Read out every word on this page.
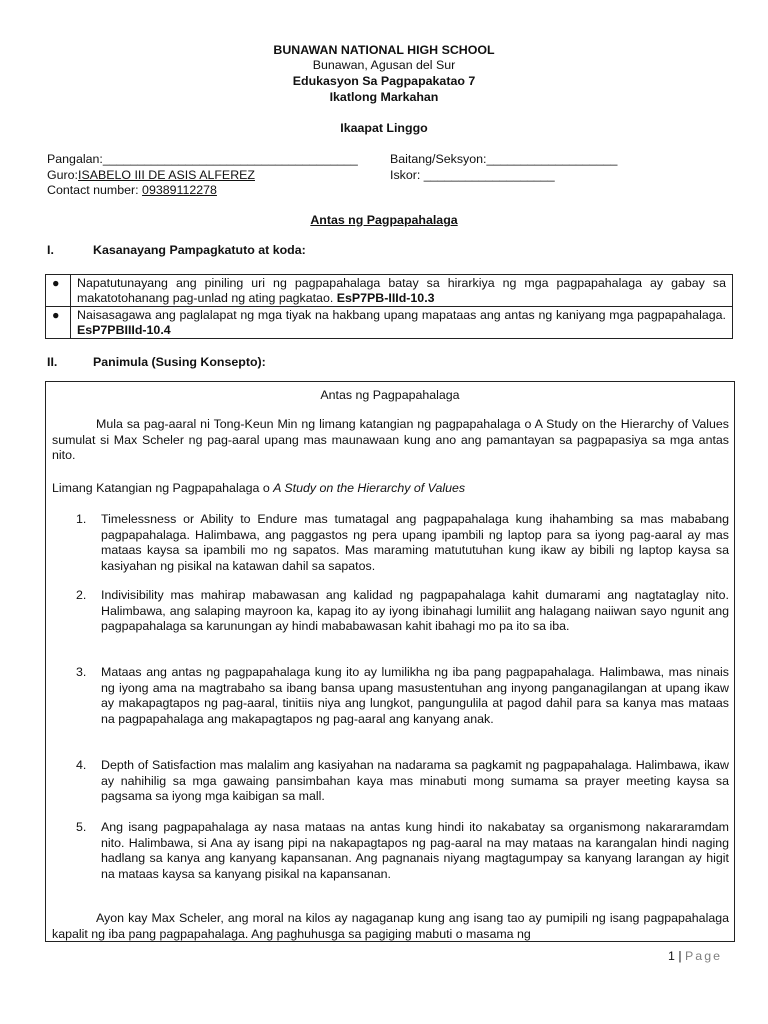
BUNAWAN NATIONAL HIGH SCHOOL
Bunawan, Agusan del Sur
Edukasyon Sa Pagpapakatao 7
Ikatlong Markahan
Ikaapat Linggo
Pangalan:_____________________________________	Baitang/Seksyon:___________________
Guro:ISABELO III DE ASIS ALFEREZ	Iskor: ___________________
Contact number: 09389112278
Antas ng Pagpapahalaga
I.	Kasanayang Pampagkatuto at koda:
●	Napatutunayang ang piniling uri ng pagpapahalaga batay sa hirarkiya ng mga pagpapahalaga ay gabay sa makatotohanang pag-unlad ng ating pagkatao. EsP7PB-IIId-10.3
●	Naisasagawa ang paglalapat ng mga tiyak na hakbang upang mapataas ang antas ng kaniyang mga pagpapahalaga. EsP7PBIIId-10.4
II.	Panimula (Susing Konsepto):
Antas ng Pagpapahalaga
Mula sa pag-aaral ni Tong-Keun Min ng limang katangian ng pagpapahalaga o A Study on the Hierarchy of Values sumulat si Max Scheler ng pag-aaral upang mas maunawaan kung ano ang pamantayan sa pagpapasiya sa mga antas nito.
Limang Katangian ng Pagpapahalaga o A Study on the Hierarchy of Values
1. Timelessness or Ability to Endure mas tumatagal ang pagpapahalaga kung ihahambing sa mas mababang pagpapahalaga. Halimbawa, ang paggastos ng pera upang ipambili ng laptop para sa iyong pag-aaral ay mas mataas kaysa sa ipambili mo ng sapatos. Mas maraming matututuhan kung ikaw ay bibili ng laptop kaysa sa kasiyahan ng pisikal na katawan dahil sa sapatos.
2. Indivisibility mas mahirap mabawasan ang kalidad ng pagpapahalaga kahit dumarami ang nagtataglay nito. Halimbawa, ang salaping mayroon ka, kapag ito ay iyong ibinahagi lumiliit ang halagang naiiwan sayo ngunit ang pagpapahalaga sa karunungan ay hindi mababawasan kahit ibahagi mo pa ito sa iba.
3. Mataas ang antas ng pagpapahalaga kung ito ay lumilikha ng iba pang pagpapahalaga. Halimbawa, mas ninais ng iyong ama na magtrabaho sa ibang bansa upang masustentuhan ang inyong panganagilangan at upang ikaw ay makapagtapos ng pag-aaral, tinitiis niya ang lungkot, pangungulila at pagod dahil para sa kanya mas mataas na pagpapahalaga ang makapagtapos ng pag-aaral ang kanyang anak.
4. Depth of Satisfaction mas malalim ang kasiyahan na nadarama sa pagkamit ng pagpapahalaga. Halimbawa, ikaw ay nahihilig sa mga gawaing pansimbahan kaya mas minabuti mong sumama sa prayer meeting kaysa sa pagsama sa iyong mga kaibigan sa mall.
5. Ang isang pagpapahalaga ay nasa mataas na antas kung hindi ito nakabatay sa organismong nakararamdam nito. Halimbawa, si Ana ay isang pipi na nakapagtapos ng pag-aaral na may mataas na karangalan hindi naging hadlang sa kanya ang kanyang kapansanan. Ang pagnanais niyang magtagumpay sa kanyang larangan ay higit na mataas kaysa sa kanyang pisikal na kapansanan.
Ayon kay Max Scheler, ang moral na kilos ay nagaganap kung ang isang tao ay pumipili ng isang pagpapahalaga kapalit ng iba pang pagpapahalaga. Ang paghuhusga sa pagiging mabuti o masama ng
1 | Page
